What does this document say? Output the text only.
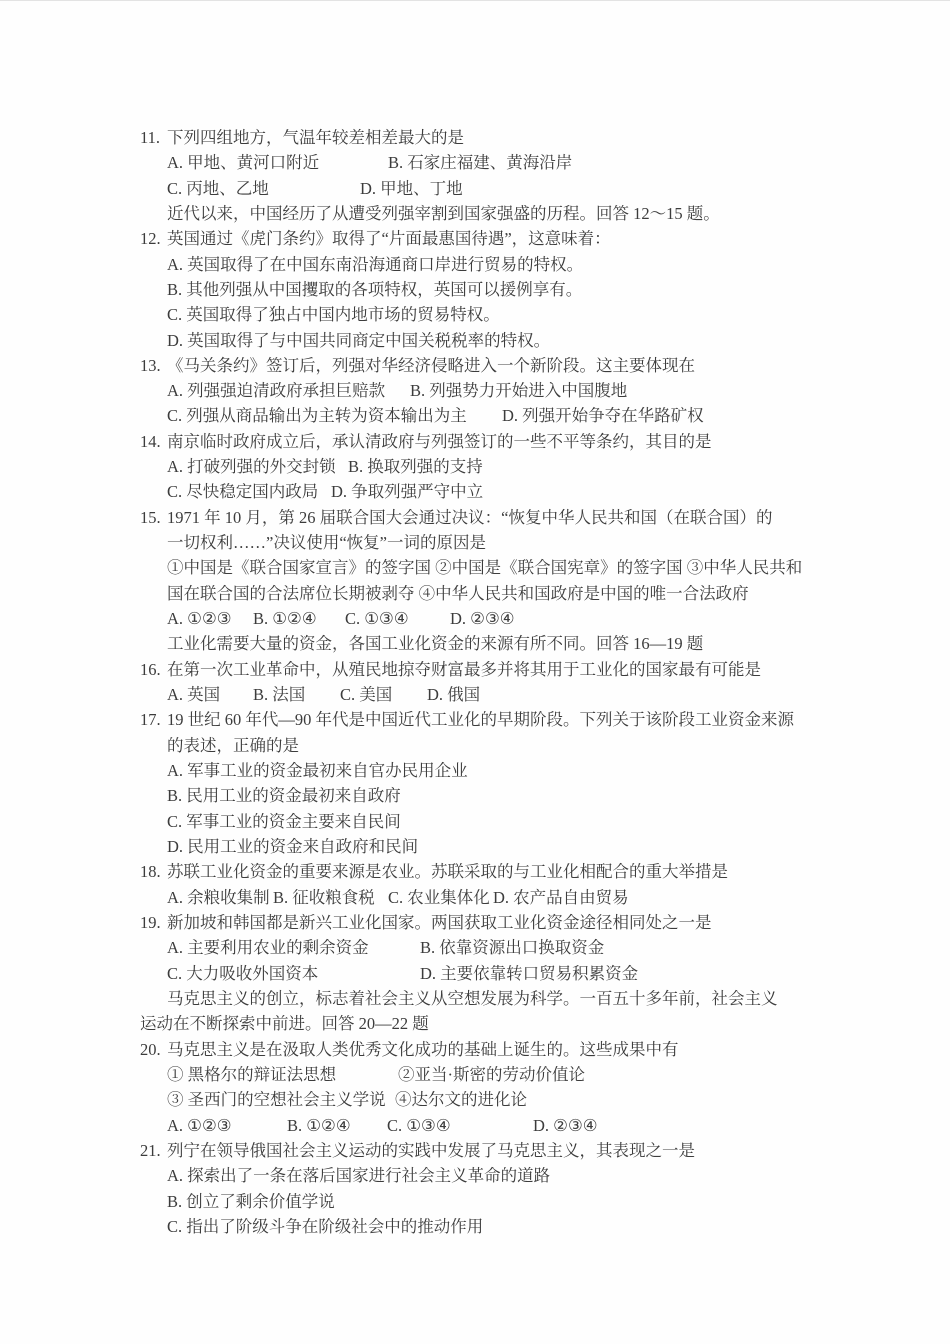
11. 下列四组地方，气温年较差相差最大的是
A. 甲地、黄河口附近	B. 石家庄福建、黄海沿岸
C. 丙地、乙地	D. 甲地、丁地
近代以来，中国经历了从遭受列强宰割到国家强盛的历程。回答 12～15 题。
12. 英国通过《虎门条约》取得了“片面最惠国待遇”，这意味着：
A. 英国取得了在中国东南沿海通商口岸进行贸易的特权。
B. 其他列强从中国攫取的各项特权，英国可以援例享有。
C. 英国取得了独占中国内地市场的贸易特权。
D. 英国取得了与中国共同商定中国关税税率的特权。
13. 《马关条约》签订后，列强对华经济侵略进入一个新阶段。这主要体现在
A. 列强强迫清政府承担巨赔款 B. 列强势力开始进入中国腹地
C. 列强从商品输出为主转为资本输出为主 D. 列强开始争夺在华路矿权
14. 南京临时政府成立后，承认清政府与列强签订的一些不平等条约，其目的是
A. 打破列强的外交封锁 B. 换取列强的支持
C. 尽快稳定国内政局 D. 争取列强严守中立
15. 1971 年 10 月，第 26 届联合国大会通过决议：“恢复中华人民共和国（在联合国）的
一切权利……”决议使用“恢复”一词的原因是
①中国是《联合国家宣言》的签字国 ②中国是《联合国宪章》的签字国 ③中华人民共和
国在联合国的合法席位长期被剥夺 ④中华人民共和国政府是中国的唯一合法政府
A. ①②③ B. ①②④ C. ①③④	D. ②③④
工业化需要大量的资金，各国工业化资金的来源有所不同。回答 16—19 题
16. 在第一次工业革命中，从殖民地掠夺财富最多并将其用于工业化的国家最有可能是
A. 英国 B. 法国 C. 美国 D. 俄国
17. 19 世纪 60 年代—90 年代是中国近代工业化的早期阶段。下列关于该阶段工业资金来源
的表述，正确的是
A. 军事工业的资金最初来自官办民用企业
B. 民用工业的资金最初来自政府
C. 军事工业的资金主要来自民间
D. 民用工业的资金来自政府和民间
18. 苏联工业化资金的重要来源是农业。苏联采取的与工业化相配合的重大举措是
A. 余粮收集制 B. 征收粮食税 C. 农业集体化 D. 农产品自由贸易
19. 新加坡和韩国都是新兴工业化国家。两国获取工业化资金途径相同处之一是
A. 主要利用农业的剩余资金	B. 依靠资源出口换取资金
C. 大力吸收外国资本	D. 主要依靠转口贸易积累资金
马克思主义的创立，标志着社会主义从空想发展为科学。一百五十多年前，社会主义
运动在不断探索中前进。回答 20—22 题
20. 马克思主义是在汲取人类优秀文化成功的基础上诞生的。这些成果中有
① 黑格尔的辩证法思想	②亚当·斯密的劳动价值论
③ 圣西门的空想社会主义学说 ④达尔文的进化论
A. ①②③	B. ①②④ C. ①③④	D. ②③④
21. 列宁在领导俄国社会主义运动的实践中发展了马克思主义，其表现之一是
A. 探索出了一条在落后国家进行社会主义革命的道路
B. 创立了剩余价值学说
C. 指出了阶级斗争在阶级社会中的推动作用
